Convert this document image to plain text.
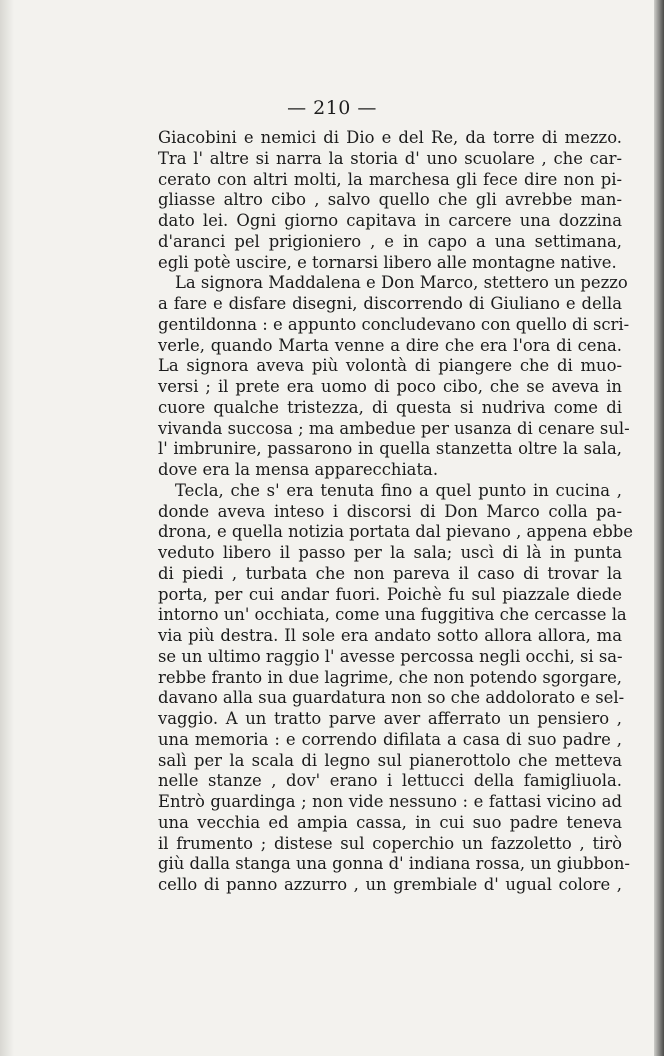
— 210 —
Giacobini e nemici di Dio e del Re, da torre di mezzo.
Tra l' altre si narra la storia d' uno scuolare , che car-
cerato con altri molti, la marchesa gli fece dire non pi-
gliasse altro cibo , salvo quello che gli avrebbe man-
dato lei. Ogni giorno capitava in carcere una dozzina
d'aranci pel prigioniero , e in capo a una settimana,
egli potè uscire, e tornarsi libero alle montagne native.
La signora Maddalena e Don Marco, stettero un pezzo
a fare e disfare disegni, discorrendo di Giuliano e della
gentildonna : e appunto concludevano con quello di scri-
verle, quando Marta venne a dire che era l'ora di cena.
La signora aveva più volontà di piangere che di muo-
versi ; il prete era uomo di poco cibo, che se aveva in
cuore qualche tristezza, di questa si nudriva come di
vivanda succosa ; ma ambedue per usanza di cenare sul-
l' imbrunire, passarono in quella stanzetta oltre la sala,
dove era la mensa apparecchiata.
Tecla, che s' era tenuta fino a quel punto in cucina ,
donde aveva inteso i discorsi di Don Marco colla pa-
drona, e quella notizia portata dal pievano , appena ebbe
veduto libero il passo per la sala; uscì di là in punta
di piedi , turbata che non pareva il caso di trovar la
porta, per cui andar fuori. Poichè fu sul piazzale diede
intorno un' occhiata, come una fuggitiva che cercasse la
via più destra. Il sole era andato sotto allora allora, ma
se un ultimo raggio l' avesse percossa negli occhi, si sa-
rebbe franto in due lagrime, che non potendo sgorgare,
davano alla sua guardatura non so che addolorato e sel-
vaggio. A un tratto parve aver afferrato un pensiero ,
una memoria : e correndo difilata a casa di suo padre ,
salì per la scala di legno sul pianerottolo che metteva
nelle stanze , dov' erano i lettucci della famigliuola.
Entrò guardinga ; non vide nessuno : e fattasi vicino ad
una vecchia ed ampia cassa, in cui suo padre teneva
il frumento ; distese sul coperchio un fazzoletto , tirò
giù dalla stanga una gonna d' indiana rossa, un giubbon-
cello di panno azzurro , un grembiale d' ugual colore ,
